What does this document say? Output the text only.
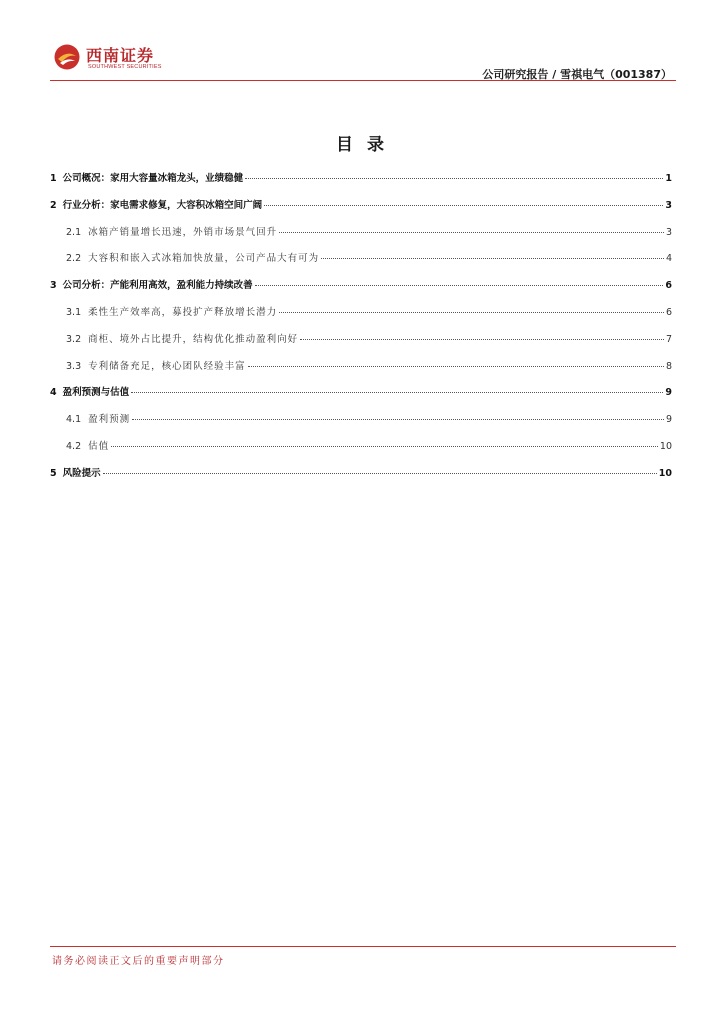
西南证券
SOUTHWEST SECURITIES
公司研究报告 / 雪祺电气（001387）
目 录
1 公司概况：家用大容量冰箱龙头，业绩稳健	1
2 行业分析：家电需求修复，大容积冰箱空间广阔	3
2.1 冰箱产销量增长迅速，外销市场景气回升	3
2.2 大容积和嵌入式冰箱加快放量，公司产品大有可为	4
3 公司分析：产能利用高效，盈利能力持续改善	6
3.1 柔性生产效率高，募投扩产释放增长潜力	6
3.2 商柜、境外占比提升，结构优化推动盈利向好	7
3.3 专利储备充足，核心团队经验丰富	8
4 盈利预测与估值	9
4.1 盈利预测	9
4.2 估值	10
5 风险提示	10
请务必阅读正文后的重要声明部分
